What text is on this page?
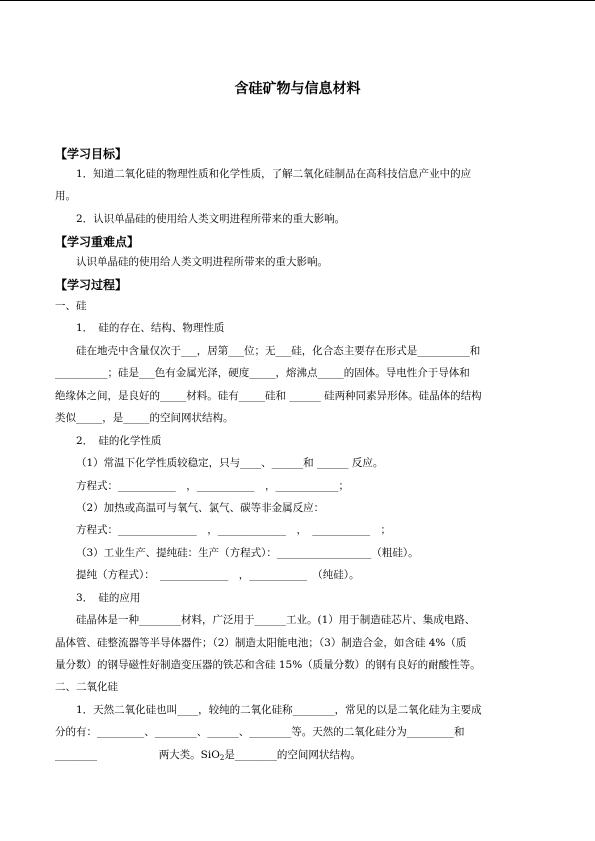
含硅矿物与信息材料
【学习目标】
1．知道二氧化硅的物理性质和化学性质，了解二氧化硅制品在高科技信息产业中的应
用。
2．认识单晶硅的使用给人类文明进程所带来的重大影响。
【学习重难点】
认识单晶硅的使用给人类文明进程所带来的重大影响。
【学习过程】
一、硅
1．　硅的存在、结构、物理性质
硅在地壳中含量仅次于___，居第___位；无___硅，化合态主要存在形式是__________和
__________；硅是___色有金属光泽，硬度_____，熔沸点_____的固体。导电性介于导体和
绝缘体之间，是良好的_____材料。硅有_____硅和 ______ 硅两种同素异形体。硅晶体的结构
类似_____，是_____的空间网状结构。
2．　硅的化学性质
（1）常温下化学性质较稳定，只与____、______和 ______ 反应。
方程式：___________　，___________　，____________；
（2）加热或高温可与氧气、氯气、碳等非金属反应：
方程式：_______________　，_____________　，　___________　；
（3）工业生产、提纯硅：生产（方程式）：__________________（粗硅）。
提纯（方程式）：　_____________　，___________　（纯硅）。
3．　硅的应用
硅晶体是一种________材料，广泛用于______工业。(1）用于制造硅芯片、集成电路、
晶体管、硅整流器等半导体器件；（2）制造太阳能电池；（3）制造合金，如含硅 4%（质
量分数）的钢导磁性好制造变压器的铁芯和含硅 15%（质量分数）的钢有良好的耐酸性等。
二、二氧化硅
1．天然二氧化硅也叫____，较纯的二氧化硅称________，常见的以是二氧化硅为主要成
分的有：_________、________、______、________等。天然的二氧化硅分为_________和
________	两大类。SiO$_2$是________的空间网状结构。
